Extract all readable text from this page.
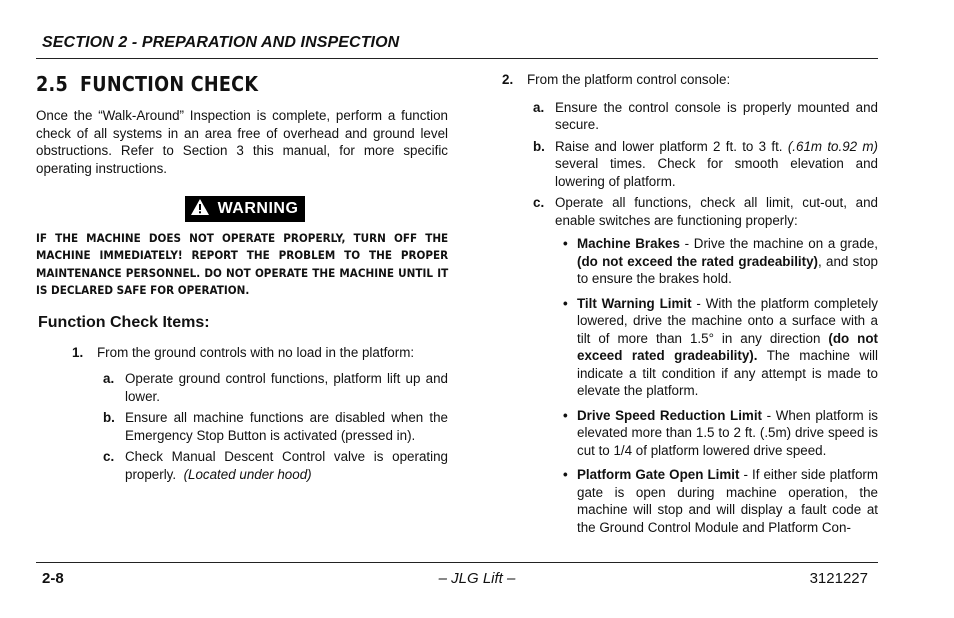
SECTION 2 - PREPARATION AND INSPECTION
2.5 FUNCTION CHECK

Once the “Walk-Around” Inspection is complete, perform a function check of all systems in an area free of overhead and ground level obstructions. Refer to Section 3 this manual, for more specific operating instructions.

WARNING

IF THE MACHINE DOES NOT OPERATE PROPERLY, TURN OFF THE MACHINE IMMEDIATELY! REPORT THE PROBLEM TO THE PROPER MAINTENANCE PERSONNEL. DO NOT OPERATE THE MACHINE UNTIL IT IS DECLARED SAFE FOR OPERATION.

Function Check Items:
1.	From the ground controls with no load in the platform:
a. Operate ground control functions, platform lift up and lower.
b. Ensure all machine functions are disabled when the Emergency Stop Button is activated (pressed in).
c. Check Manual Descent Control valve is operating properly. (Located under hood)
2.	From the platform control console:
a. Ensure the control console is properly mounted and secure.
b. Raise and lower platform 2 ft. to 3 ft. (.61m to.92 m) several times. Check for smooth elevation and lowering of platform.
c. Operate all functions, check all limit, cut-out, and enable switches are functioning properly:
• Machine Brakes - Drive the machine on a grade, (do not exceed the rated gradeability), and stop to ensure the brakes hold.
• Tilt Warning Limit - With the platform completely lowered, drive the machine onto a surface with a tilt of more than 1.5° in any direction (do not exceed rated gradeability). The machine will indicate a tilt condition if any attempt is made to elevate the platform.
• Drive Speed Reduction Limit - When platform is elevated more than 1.5 to 2 ft. (.5m) drive speed is cut to 1/4 of platform lowered drive speed.
• Platform Gate Open Limit - If either side platform gate is open during machine operation, the machine will stop and will display a fault code at the Ground Control Module and Platform Con-
2-8	– JLG Lift –	3121227
